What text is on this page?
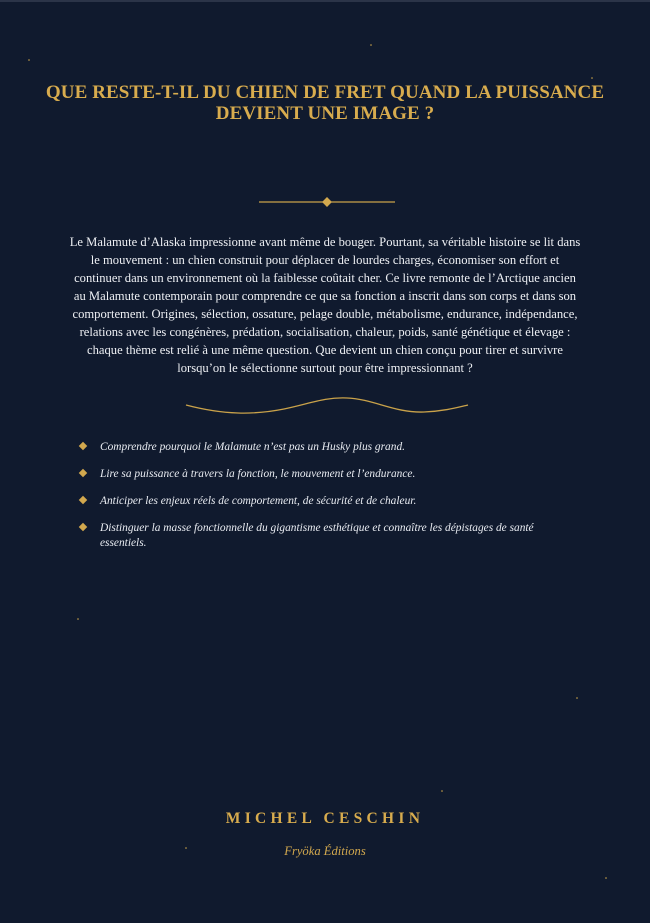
QUE RESTE-T-IL DU CHIEN DE FRET QUAND LA PUISSANCE
DEVIENT UNE IMAGE ?
Le Malamute d’Alaska impressionne avant même de bouger. Pourtant, sa véritable histoire se lit dans
le mouvement : un chien construit pour déplacer de lourdes charges, économiser son effort et
continuer dans un environnement où la faiblesse coûtait cher. Ce livre remonte de l’Arctique ancien
au Malamute contemporain pour comprendre ce que sa fonction a inscrit dans son corps et dans son
comportement. Origines, sélection, ossature, pelage double, métabolisme, endurance, indépendance,
relations avec les congénères, prédation, socialisation, chaleur, poids, santé génétique et élevage :
chaque thème est relié à une même question. Que devient un chien conçu pour tirer et survivre
lorsqu’on le sélectionne surtout pour être impressionnant ?
Comprendre pourquoi le Malamute n’est pas un Husky plus grand.
Lire sa puissance à travers la fonction, le mouvement et l’endurance.
Anticiper les enjeux réels de comportement, de sécurité et de chaleur.
Distinguer la masse fonctionnelle du gigantisme esthétique et connaître les dépistages de santé essentiels.
MICHEL CESCHIN
Fryöka Éditions
